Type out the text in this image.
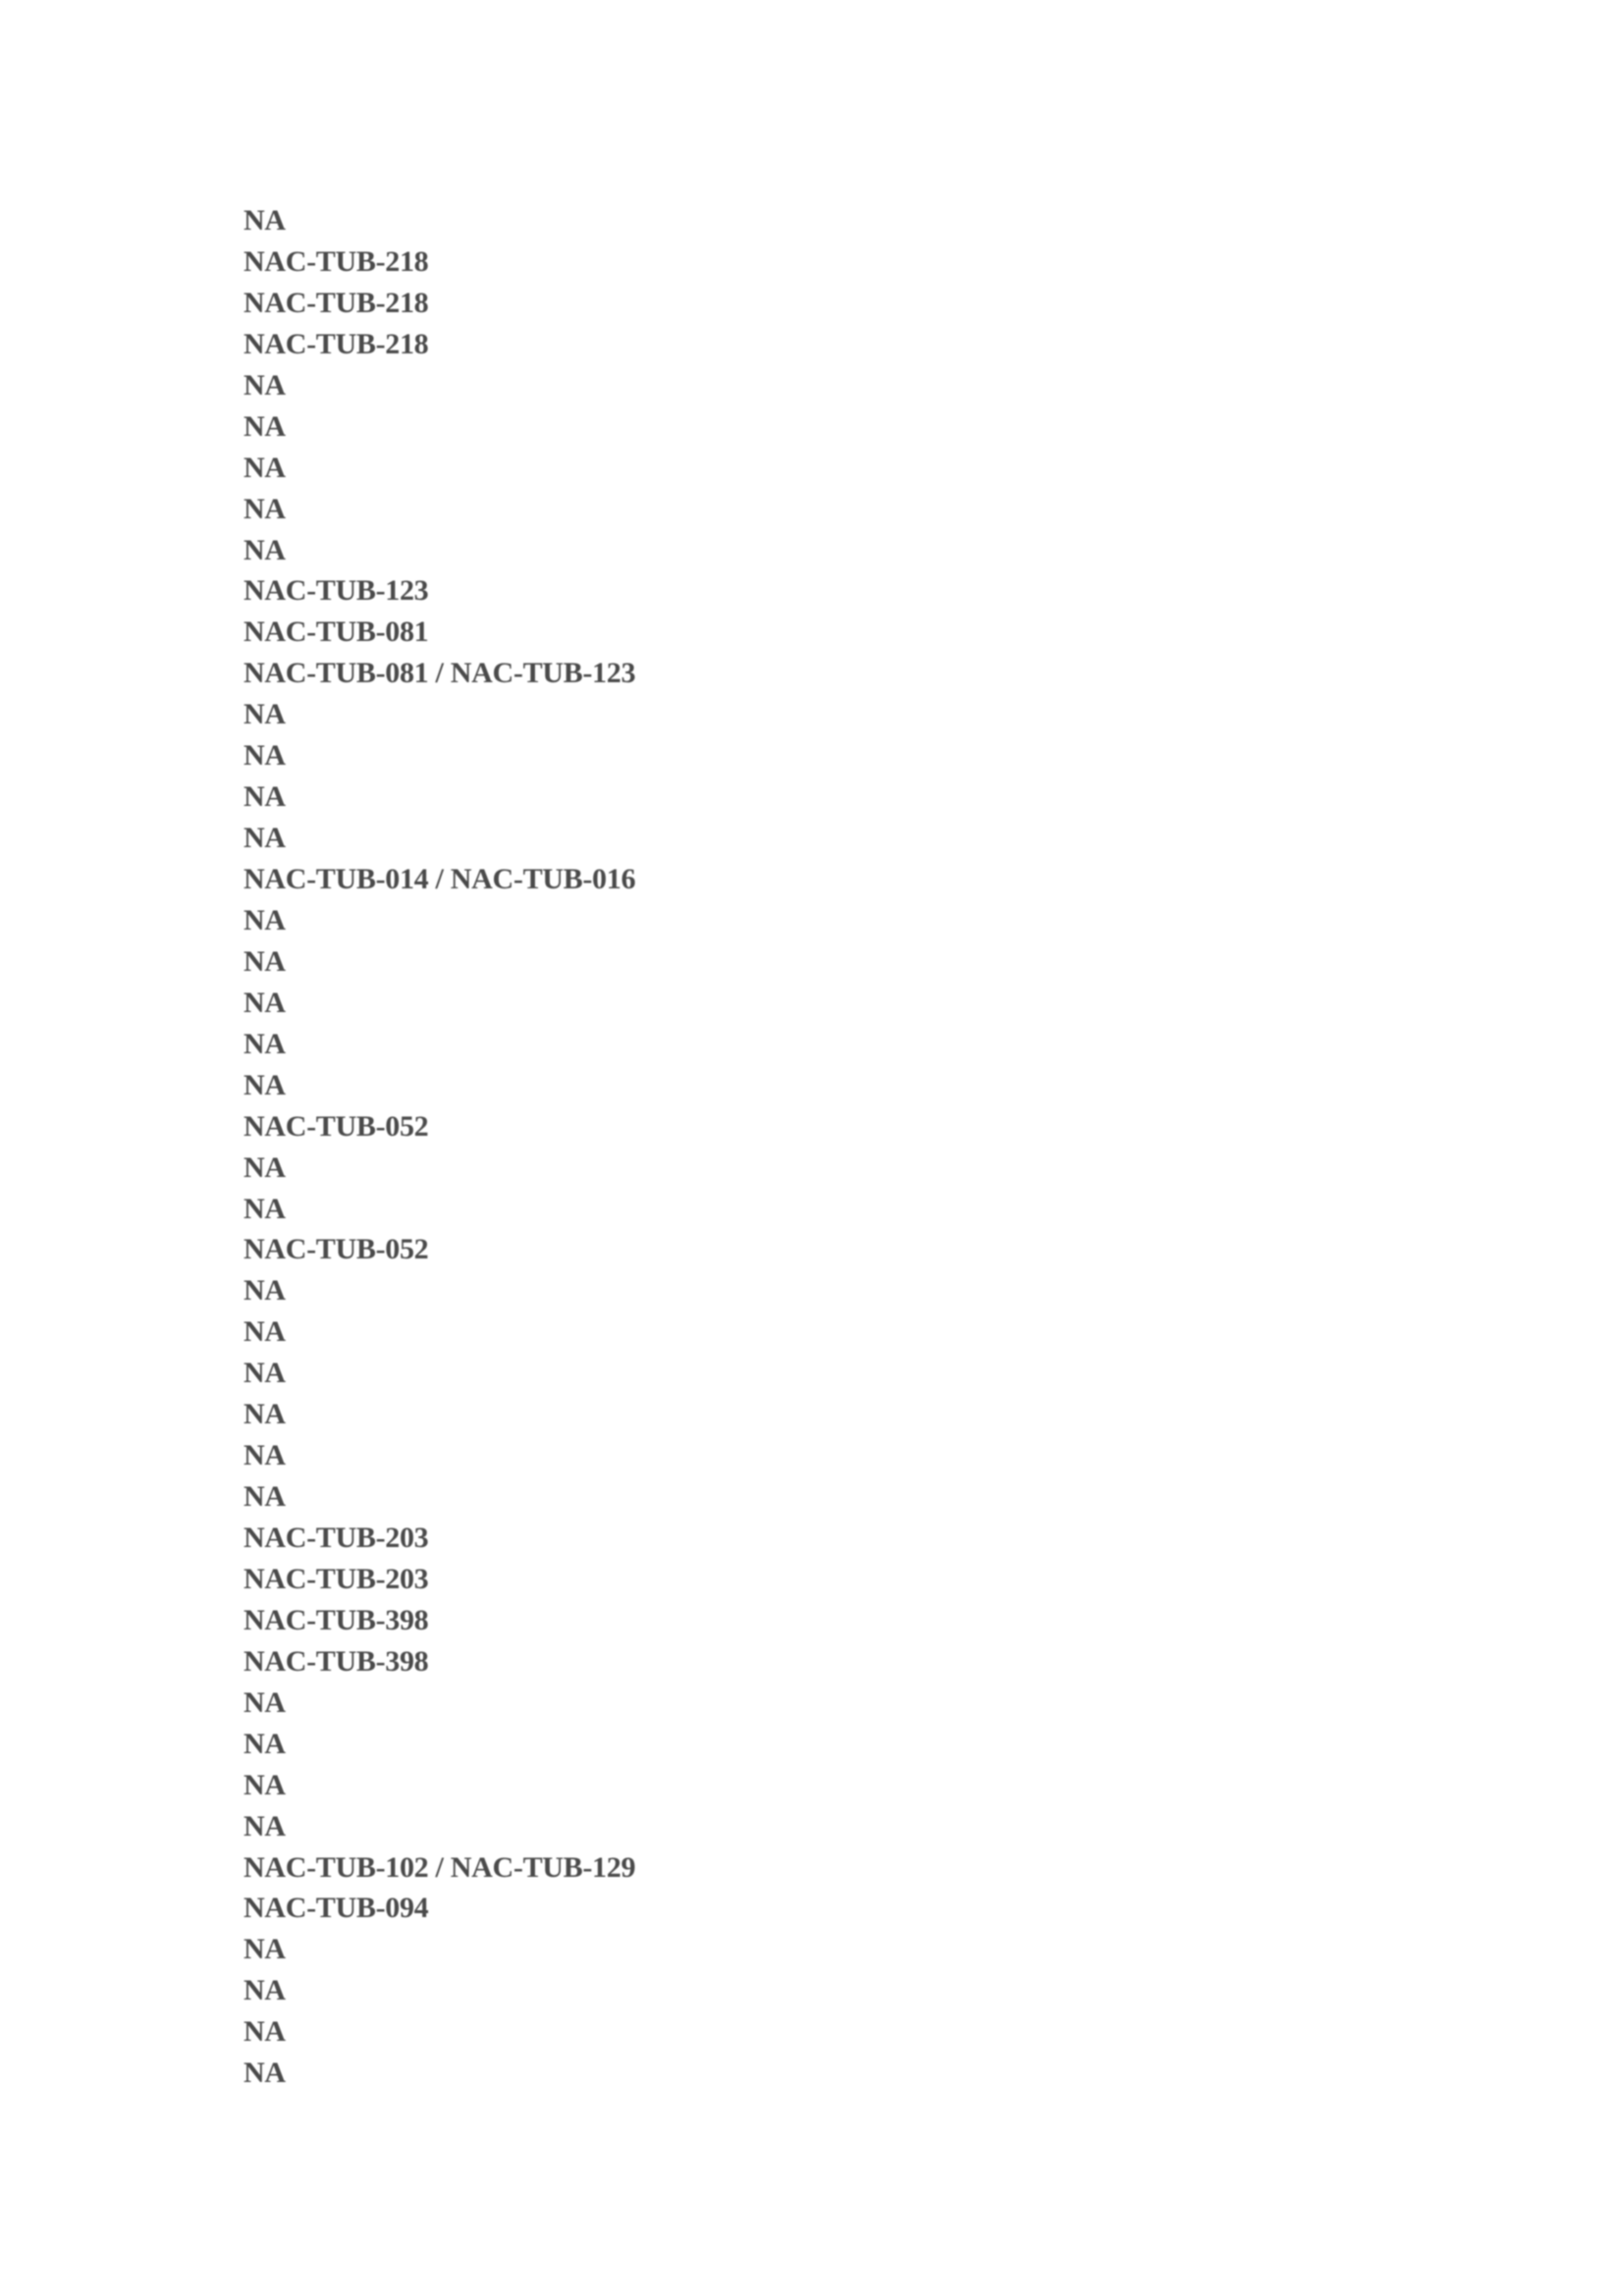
NA
NAC-TUB-218
NAC-TUB-218
NAC-TUB-218
NA
NA
NA
NA
NA
NAC-TUB-123
NAC-TUB-081
NAC-TUB-081 / NAC-TUB-123
NA
NA
NA
NA
NAC-TUB-014 / NAC-TUB-016
NA
NA
NA
NA
NA
NAC-TUB-052
NA
NA
NAC-TUB-052
NA
NA
NA
NA
NA
NA
NAC-TUB-203
NAC-TUB-203
NAC-TUB-398
NAC-TUB-398
NA
NA
NA
NA
NAC-TUB-102 / NAC-TUB-129
NAC-TUB-094
NA
NA
NA
NA
